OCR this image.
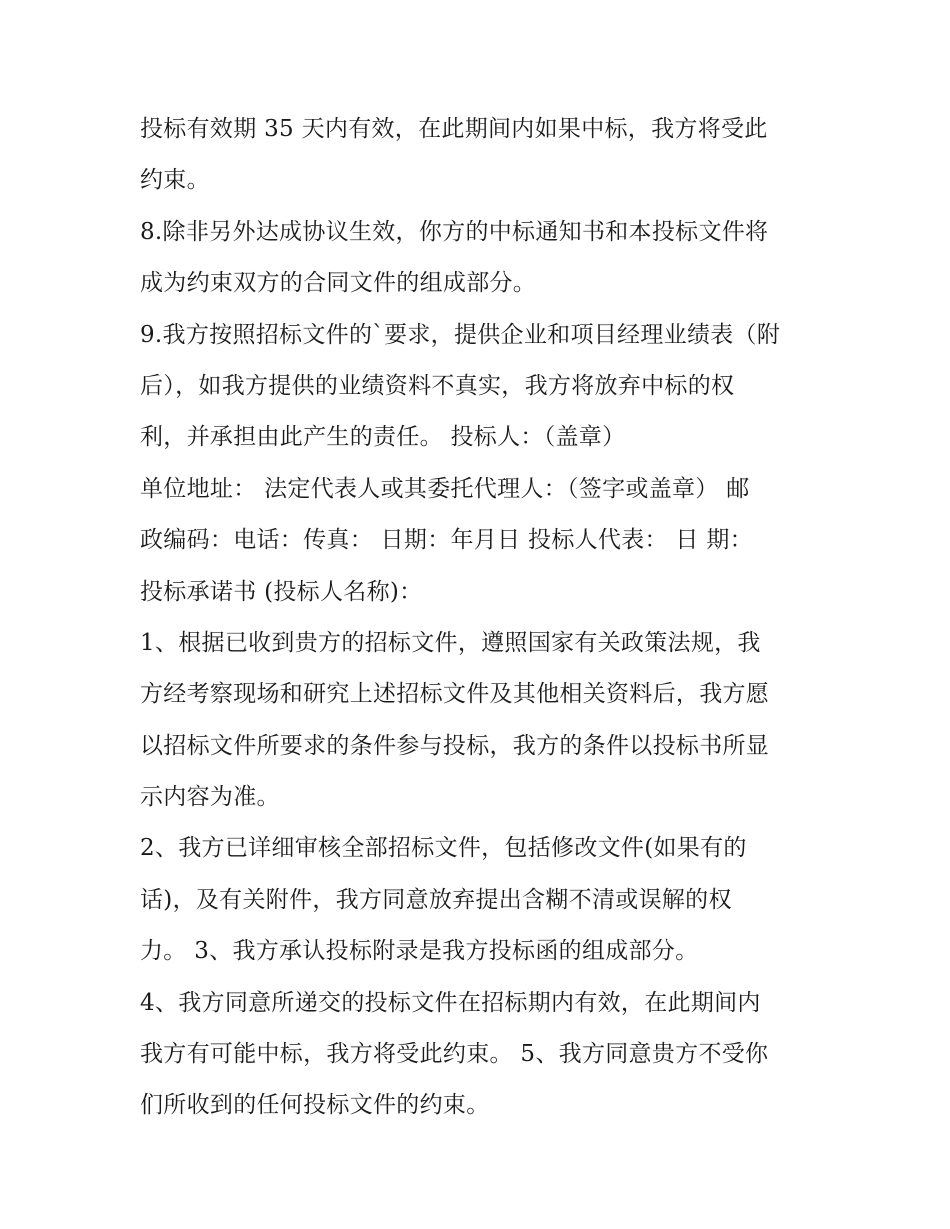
投标有效期 35 天内有效，在此期间内如果中标，我方将受此
约束。
8.除非另外达成协议生效，你方的中标通知书和本投标文件将
成为约束双方的合同文件的组成部分。
9.我方按照招标文件的`要求，提供企业和项目经理业绩表（附
后），如我方提供的业绩资料不真实，我方将放弃中标的权
利，并承担由此产生的责任。 投标人：（盖章）
单位地址： 法定代表人或其委托代理人：（签字或盖章） 邮
政编码：电话：传真： 日期：年月日 投标人代表： 日 期：
投标承诺书 (投标人名称)：
1、根据已收到贵方的招标文件，遵照国家有关政策法规，我
方经考察现场和研究上述招标文件及其他相关资料后，我方愿
以招标文件所要求的条件参与投标，我方的条件以投标书所显
示内容为准。
2、我方已详细审核全部招标文件，包括修改文件(如果有的
话)，及有关附件，我方同意放弃提出含糊不清或误解的权
力。 3、我方承认投标附录是我方投标函的组成部分。
4、我方同意所递交的投标文件在招标期内有效，在此期间内
我方有可能中标，我方将受此约束。 5、我方同意贵方不受你
们所收到的任何投标文件的约束。
